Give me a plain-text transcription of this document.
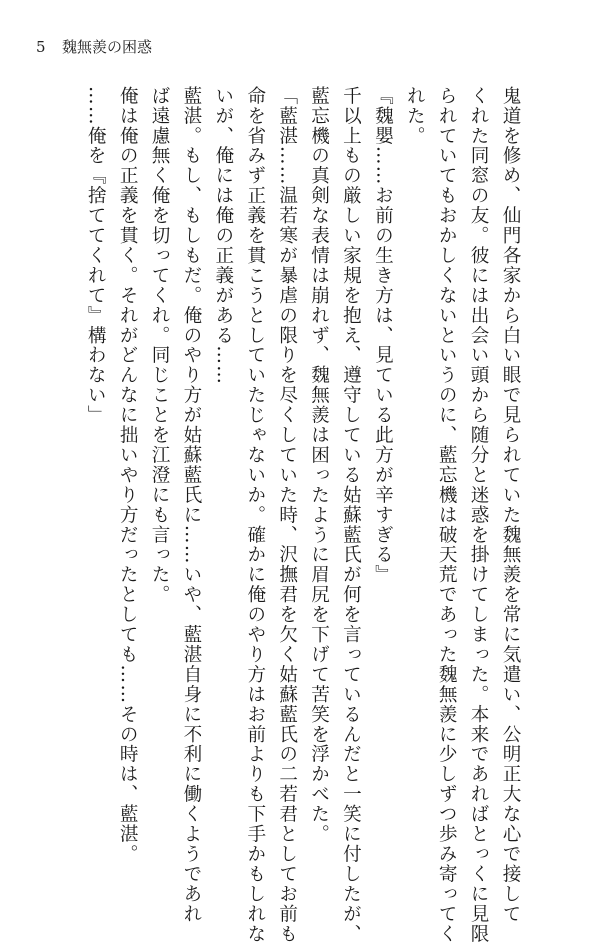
5 魏無羨の困惑
鬼道を修め、仙門各家から白い眼で見られていた魏無羨を常に気遣い、公明正大な心で接して
くれた同窓の友。彼には出会い頭から随分と迷惑を掛けてしまった。本来であればとっくに見限
られていてもおかしくないというのに、藍忘機は破天荒であった魏無羨に少しずつ歩み寄ってく
れた。
『魏嬰……お前の生き方は、見ている此方が辛すぎる』
千以上もの厳しい家規を抱え、遵守している姑蘇藍氏が何を言っているんだと一笑に付したが、
藍忘機の真剣な表情は崩れず、魏無羨は困ったように眉尻を下げて苦笑を浮かべた。
「藍湛……温若寒が暴虐の限りを尽くしていた時、沢撫君を欠く姑蘇藍氏の二若君としてお前も
命を省みず正義を貫こうとしていたじゃないか。確かに俺のやり方はお前よりも下手かもしれな
いが、俺には俺の正義がある……
藍湛。もし、もしもだ。俺のやり方が姑蘇藍氏に……いや、藍湛自身に不利に働くようであれ
ば遠慮無く俺を切ってくれ。同じことを江澄にも言った。
俺は俺の正義を貫く。それがどんなに拙いやり方だったとしても……その時は、藍湛。
……俺を『捨ててくれて』構わない」
